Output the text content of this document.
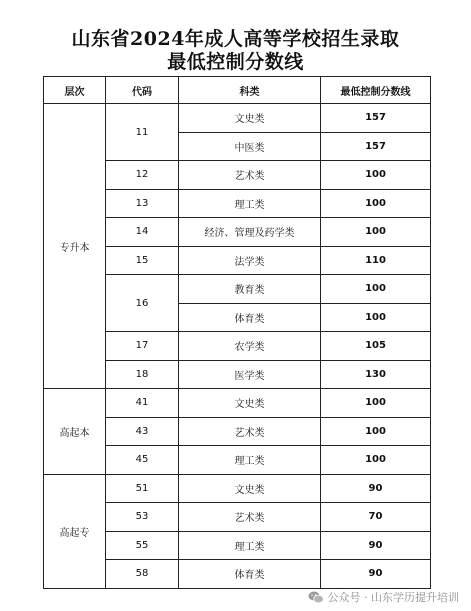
山东省2024年成人高等学校招生录取
最低控制分数线
层次	代码	科类	最低控制分数线
专升本	11	文史类	157
		中医类	157
	12	艺术类	100
	13	理工类	100
	14	经济、管理及药学类	100
	15	法学类	110
	16	教育类	100
		体育类	100
	17	农学类	105
	18	医学类	130
高起本	41	文史类	100
	43	艺术类	100
	45	理工类	100
高起专	51	文史类	90
	53	艺术类	70
	55	理工类	90
	58	体育类	90
公众号 · 山东学历提升培训
